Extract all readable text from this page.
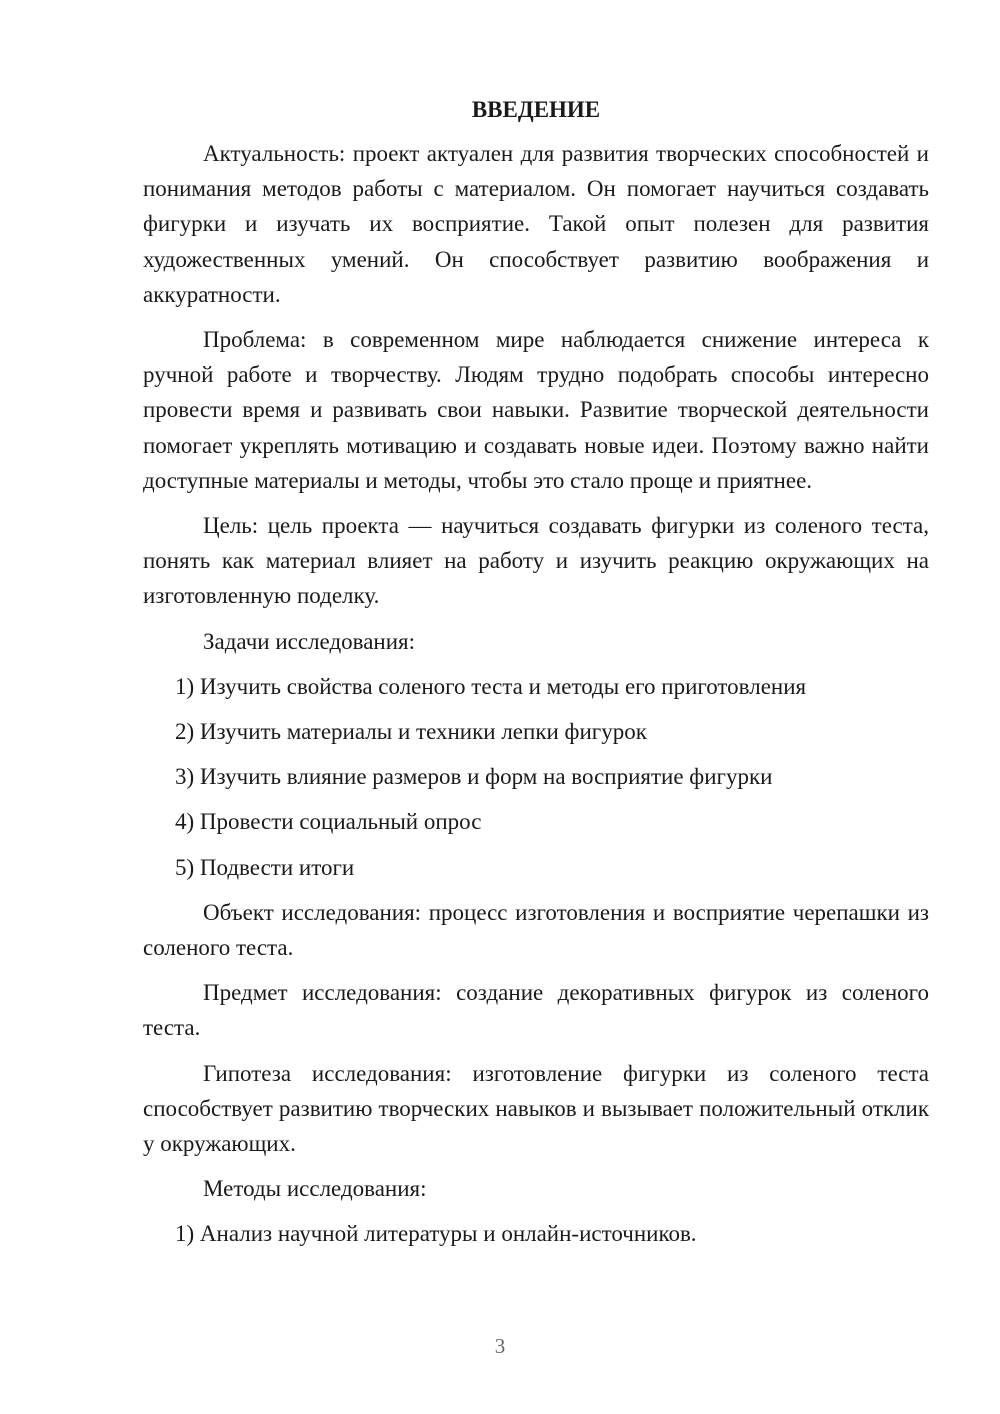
ВВЕДЕНИЕ

Актуальность: проект актуален для развития творческих способностей и понимания методов работы с материалом. Он помогает научиться создавать фигурки и изучать их восприятие. Такой опыт полезен для развития художественных умений. Он способствует развитию воображения и аккуратности.

Проблема: в современном мире наблюдается снижение интереса к ручной работе и творчеству. Людям трудно подобрать способы интересно провести время и развивать свои навыки. Развитие творческой деятельности помогает укреплять мотивацию и создавать новые идеи. Поэтому важно найти доступные материалы и методы, чтобы это стало проще и приятнее.

Цель: цель проекта — научиться создавать фигурки из соленого теста, понять как материал влияет на работу и изучить реакцию окружающих на изготовленную поделку.

Задачи исследования:

1) Изучить свойства соленого теста и методы его приготовления
2) Изучить материалы и техники лепки фигурок
3) Изучить влияние размеров и форм на восприятие фигурки
4) Провести социальный опрос
5) Подвести итоги

Объект исследования: процесс изготовления и восприятие черепашки из соленого теста.

Предмет исследования: создание декоративных фигурок из соленого теста.

Гипотеза исследования: изготовление фигурки из соленого теста способствует развитию творческих навыков и вызывает положительный отклик у окружающих.

Методы исследования:

1) Анализ научной литературы и онлайн-источников.
3
